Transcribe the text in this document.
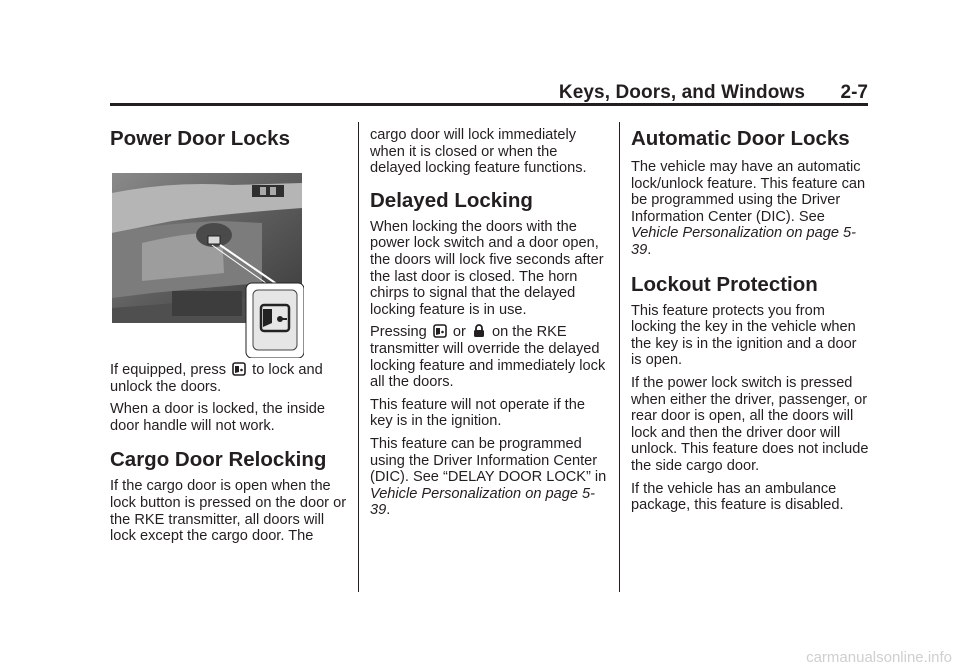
Keys, Doors, and Windows 2-7
Power Door Locks

If equipped, press to lock and
unlock the doors.

When a door is locked, the inside door handle will not work.

Cargo Door Relocking

If the cargo door is open when the lock button is pressed on the door or the RKE transmitter, all doors will lock except the cargo door. The

cargo door will lock immediately when it is closed or when the delayed locking feature functions.

Delayed Locking

When locking the doors with the power lock switch and a door open, the doors will lock five seconds after the last door is closed. The horn chirps to signal that the delayed locking feature is in use.

Pressing or on the RKE transmitter will override the delayed locking feature and immediately lock all the doors.

This feature will not operate if the key is in the ignition.

This feature can be programmed using the Driver Information Center (DIC). See “DELAY DOOR LOCK” in Vehicle Personalization on page 5-39.

Automatic Door Locks

The vehicle may have an automatic lock/unlock feature. This feature can be programmed using the Driver Information Center (DIC). See Vehicle Personalization on page 5-39.

Lockout Protection

This feature protects you from locking the key in the vehicle when the key is in the ignition and a door is open.

If the power lock switch is pressed when either the driver, passenger, or rear door is open, all the doors will lock and then the driver door will unlock. This feature does not include the side cargo door.

If the vehicle has an ambulance package, this feature is disabled.

carmanualsonline.info
